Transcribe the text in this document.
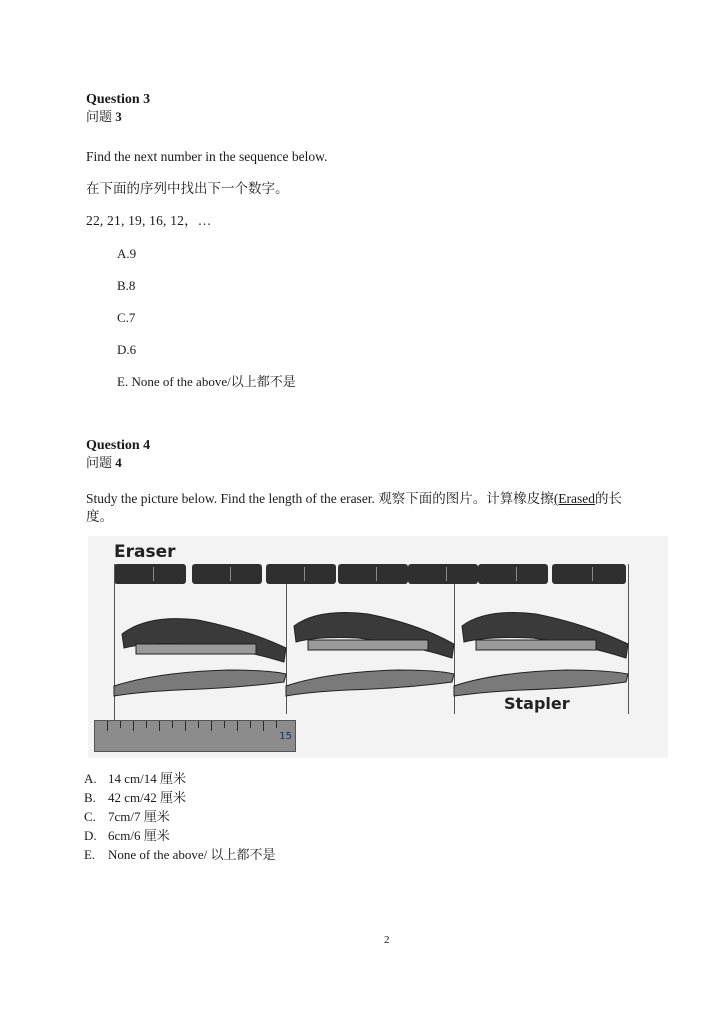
Question 3
问题 3
Find the next number in the sequence below.
在下面的序列中找出下一个数字。
22, 21, 19, 16, 12，…
A.9
B.8
C.7
D.6
E. None of the above/以上都不是
Question 4
问题 4
Study the picture below. Find the length of the eraser. 观察下面的图片。计算橡皮擦(Erased的长
度。
Eraser
Stapler
15
A. 14 cm/14 厘米
B. 42 cm/42 厘米
C. 7cm/7 厘米
D. 6cm/6 厘米
E. None of the above/ 以上都不是
2
